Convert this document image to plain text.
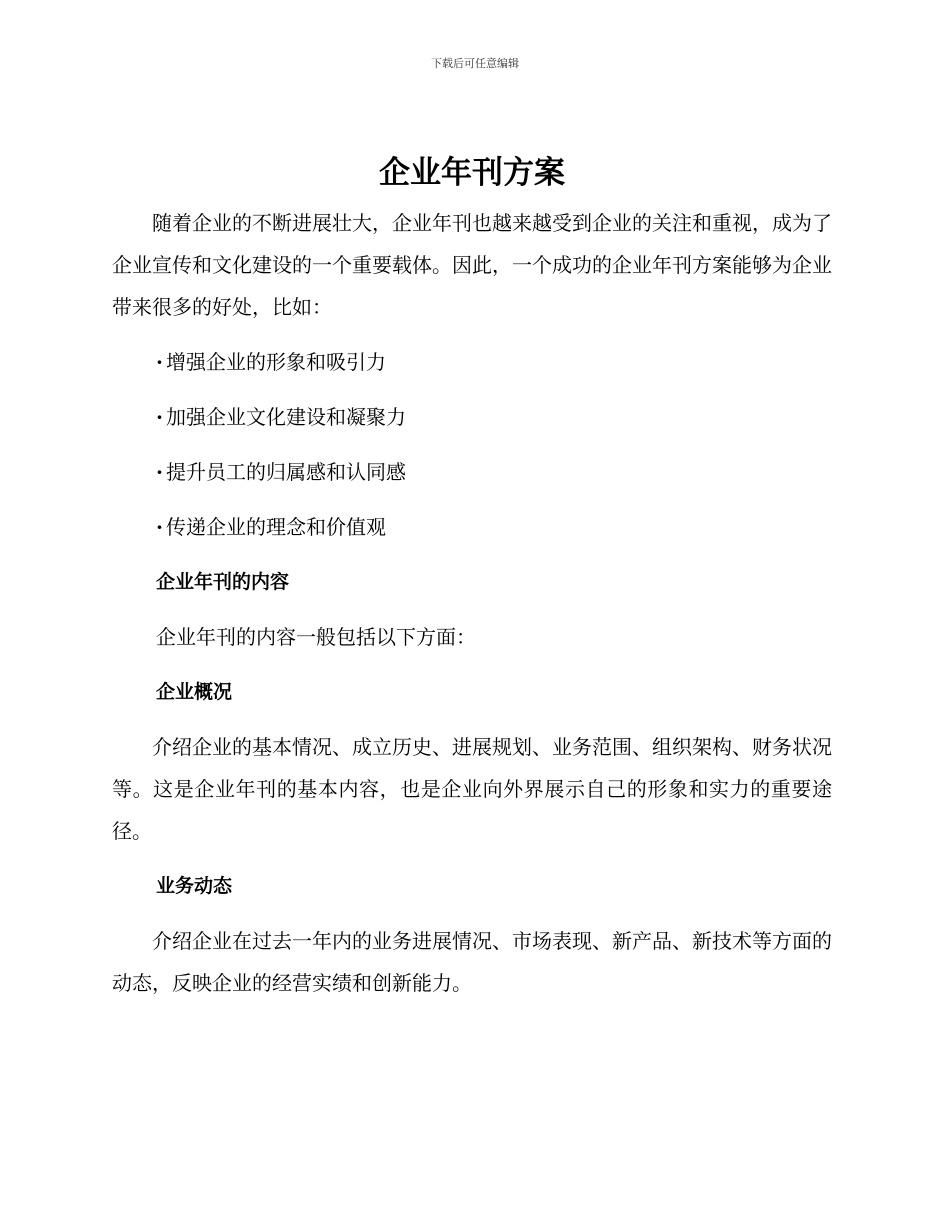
下载后可任意编辑
企业年刊方案

随着企业的不断进展壮大，企业年刊也越来越受到企业的关注和重视，成为了企业宣传和文化建设的一个重要载体。因此，一个成功的企业年刊方案能够为企业带来很多的好处，比如：

· 增强企业的形象和吸引力
· 加强企业文化建设和凝聚力
· 提升员工的归属感和认同感
· 传递企业的理念和价值观
企业年刊的内容

企业年刊的内容一般包括以下方面：

企业概况

介绍企业的基本情况、成立历史、进展规划、业务范围、组织架构、财务状况等。这是企业年刊的基本内容，也是企业向外界展示自己的形象和实力的重要途径。

业务动态

介绍企业在过去一年内的业务进展情况、市场表现、新产品、新技术等方面的动态，反映企业的经营实绩和创新能力。
